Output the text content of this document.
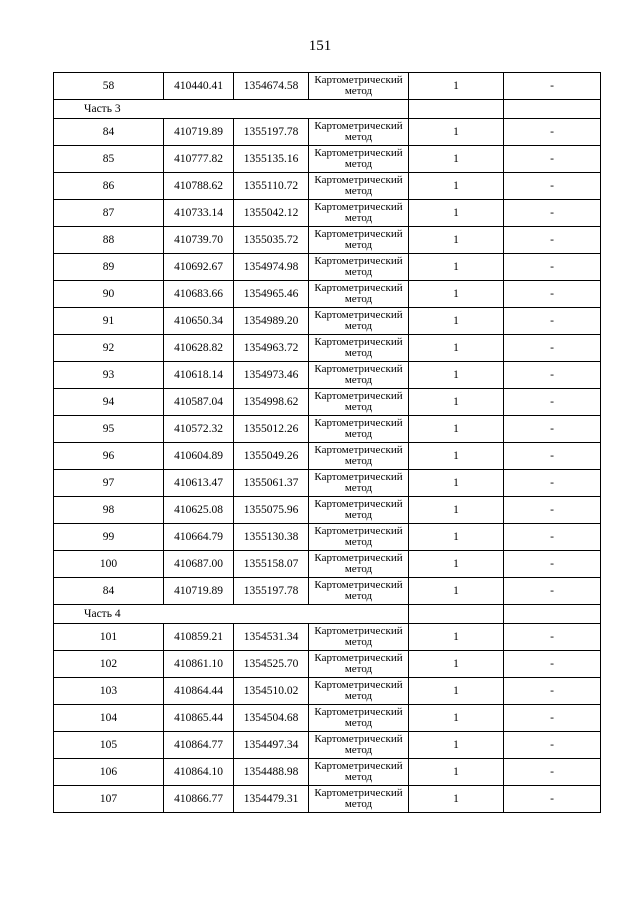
151
58	410440.41	1354674.58	Картометрический метод	1	-
Часть 3					
84	410719.89	1355197.78	Картометрический метод	1	-
85	410777.82	1355135.16	Картометрический метод	1	-
86	410788.62	1355110.72	Картометрический метод	1	-
87	410733.14	1355042.12	Картометрический метод	1	-
88	410739.70	1355035.72	Картометрический метод	1	-
89	410692.67	1354974.98	Картометрический метод	1	-
90	410683.66	1354965.46	Картометрический метод	1	-
91	410650.34	1354989.20	Картометрический метод	1	-
92	410628.82	1354963.72	Картометрический метод	1	-
93	410618.14	1354973.46	Картометрический метод	1	-
94	410587.04	1354998.62	Картометрический метод	1	-
95	410572.32	1355012.26	Картометрический метод	1	-
96	410604.89	1355049.26	Картометрический метод	1	-
97	410613.47	1355061.37	Картометрический метод	1	-
98	410625.08	1355075.96	Картометрический метод	1	-
99	410664.79	1355130.38	Картометрический метод	1	-
100	410687.00	1355158.07	Картометрический метод	1	-
84	410719.89	1355197.78	Картометрический метод	1	-
Часть 4					
101	410859.21	1354531.34	Картометрический метод	1	-
102	410861.10	1354525.70	Картометрический метод	1	-
103	410864.44	1354510.02	Картометрический метод	1	-
104	410865.44	1354504.68	Картометрический метод	1	-
105	410864.77	1354497.34	Картометрический метод	1	-
106	410864.10	1354488.98	Картометрический метод	1	-
107	410866.77	1354479.31	Картометрический метод	1	-
